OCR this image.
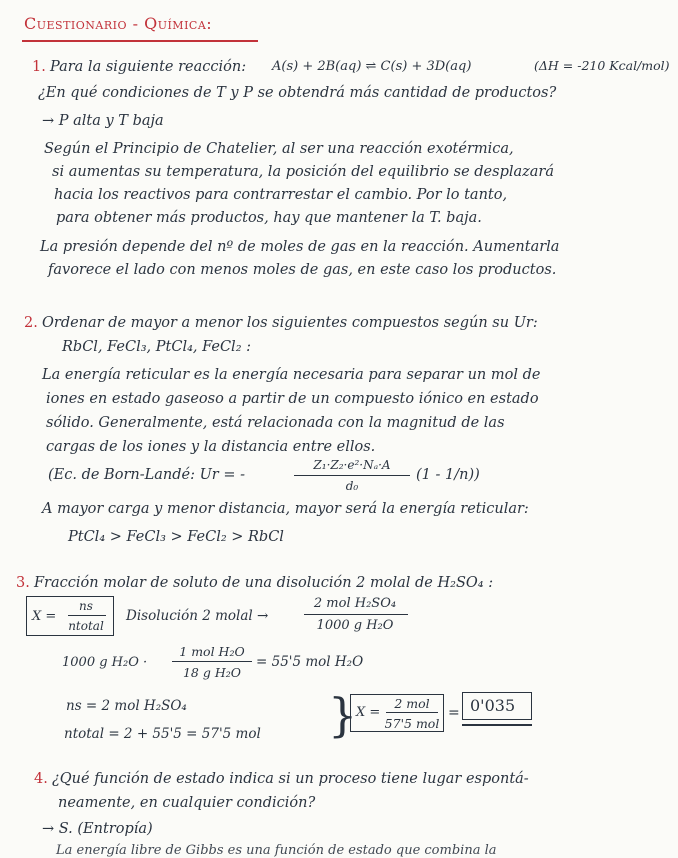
Cuestionario - Química:
1. Para la siguiente reacción: A(s) + 2B(aq) ⇌ C(s) + 3D(aq)	(ΔH = -210 Kcal/mol)
¿En qué condiciones de T y P se obtendrá más cantidad de productos?
→ P alta y T baja
Según el Principio de Chatelier, al ser una reacción exotérmica,
si aumentas su temperatura, la posición del equilibrio se desplazará
hacia los reactivos para contrarrestar el cambio. Por lo tanto,
para obtener más productos, hay que mantener la T. baja.
La presión depende del nº de moles de gas en la reacción. Aumentarla
favorece el lado con menos moles de gas, en este caso los productos.
2. Ordenar de mayor a menor los siguientes compuestos según su Ur:
RbCl, FeCl₃, PtCl₄, FeCl₂ :
La energía reticular es la energía necesaria para separar un mol de
iones en estado gaseoso a partir de un compuesto iónico en estado
sólido. Generalmente, está relacionada con la magnitud de las
cargas de los iones y la distancia entre ellos.
(Ec. de Born-Landé: Ur = -
Z₁·Z₂·e²·Nₐ·A
d₀
(1 - 1/n))
A mayor carga y menor distancia, mayor será la energía reticular:
PtCl₄ > FeCl₃ > FeCl₂ > RbCl
3. Fracción molar de soluto de una disolución 2 molal de H₂SO₄ :
X =
ns
ntotal
Disolución 2 molal →
2 mol H₂SO₄
1000 g H₂O
1000 g H₂O ·
1 mol H₂O
18 g H₂O
= 55'5 mol H₂O
ns = 2 mol H₂SO₄
ntotal = 2 + 55'5 = 57'5 mol }
X =
2 mol
57'5 mol
= 0'035
4. ¿Qué función de estado indica si un proceso tiene lugar espontá-
neamente, en cualquier condición?
→ S. (Entropía)
La energía libre de Gibbs es una función de estado que combina la
